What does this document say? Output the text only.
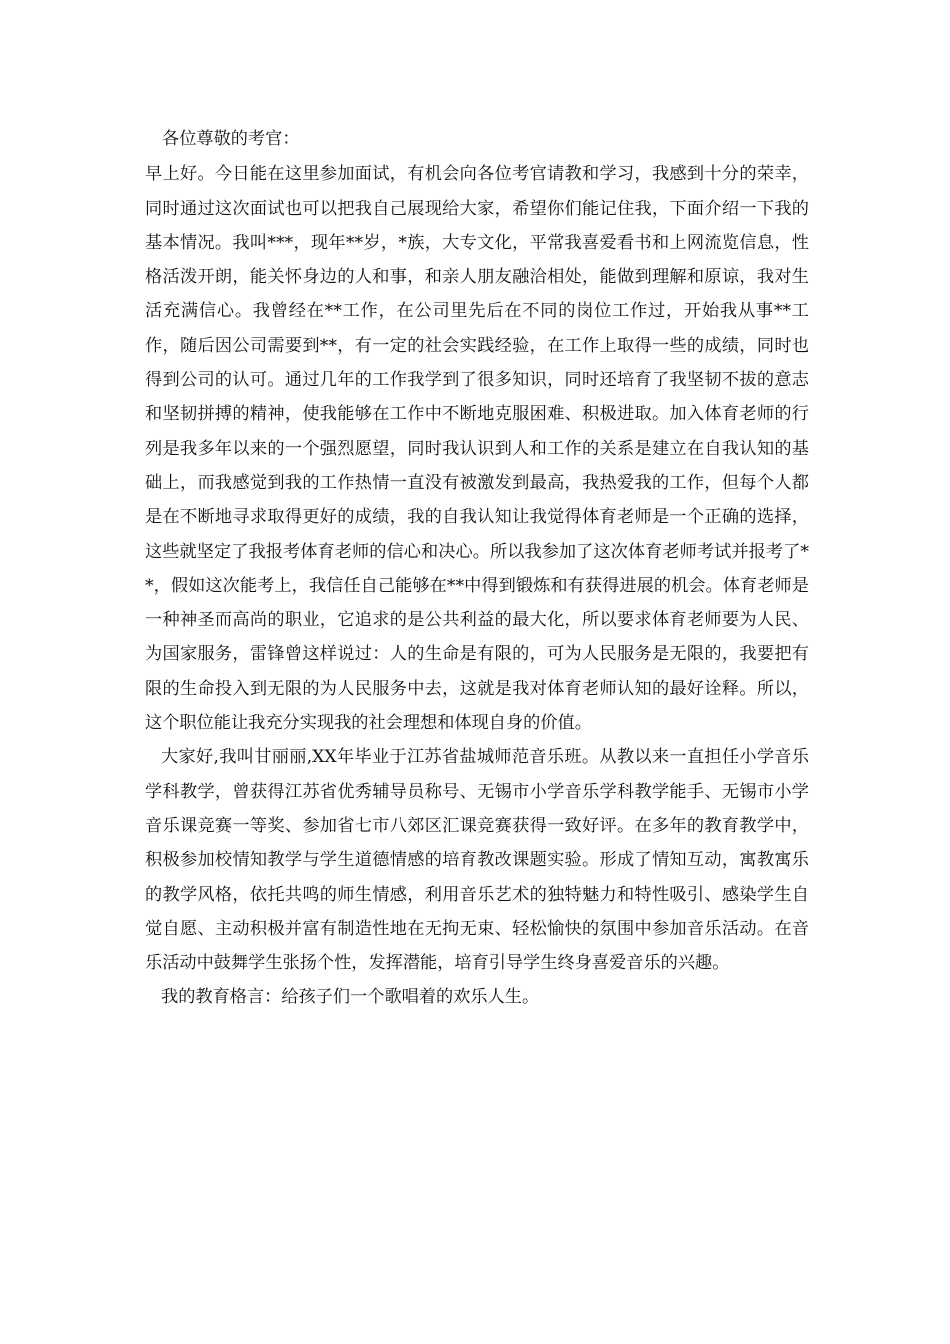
各位尊敬的考官：

早上好。今日能在这里参加面试，有机会向各位考官请教和学习，我感到十分的荣幸，同时通过这次面试也可以把我自己展现给大家，希望你们能记住我，下面介绍一下我的基本情况。我叫***，现年**岁，*族，大专文化，平常我喜爱看书和上网流览信息，性格活泼开朗，能关怀身边的人和事，和亲人朋友融洽相处，能做到理解和原谅，我对生活充满信心。我曾经在**工作，在公司里先后在不同的岗位工作过，开始我从事**工作，随后因公司需要到**，有一定的社会实践经验，在工作上取得一些的成绩，同时也得到公司的认可。通过几年的工作我学到了很多知识，同时还培育了我坚韧不拔的意志和坚韧拼搏的精神，使我能够在工作中不断地克服困难、积极进取。加入体育老师的行列是我多年以来的一个强烈愿望，同时我认识到人和工作的关系是建立在自我认知的基础上，而我感觉到我的工作热情一直没有被激发到最高，我热爱我的工作，但每个人都是在不断地寻求取得更好的成绩，我的自我认知让我觉得体育老师是一个正确的选择，这些就坚定了我报考体育老师的信心和决心。所以我参加了这次体育老师考试并报考了**，假如这次能考上，我信任自己能够在**中得到锻炼和有获得进展的机会。体育老师是一种神圣而高尚的职业，它追求的是公共利益的最大化，所以要求体育老师要为人民、为国家服务，雷锋曾这样说过：人的生命是有限的，可为人民服务是无限的，我要把有限的生命投入到无限的为人民服务中去，这就是我对体育老师认知的最好诠释。所以，这个职位能让我充分实现我的社会理想和体现自身的价值。

大家好,我叫甘丽丽,XX年毕业于江苏省盐城师范音乐班。从教以来一直担任小学音乐学科教学，曾获得江苏省优秀辅导员称号、无锡市小学音乐学科教学能手、无锡市小学音乐课竞赛一等奖、参加省七市八郊区汇课竞赛获得一致好评。在多年的教育教学中，积极参加校情知教学与学生道德情感的培育教改课题实验。形成了情知互动，寓教寓乐的教学风格，依托共鸣的师生情感，利用音乐艺术的独特魅力和特性吸引、感染学生自觉自愿、主动积极并富有制造性地在无拘无束、轻松愉快的氛围中参加音乐活动。在音乐活动中鼓舞学生张扬个性，发挥潜能，培育引导学生终身喜爱音乐的兴趣。

我的教育格言：给孩子们一个歌唱着的欢乐人生。
